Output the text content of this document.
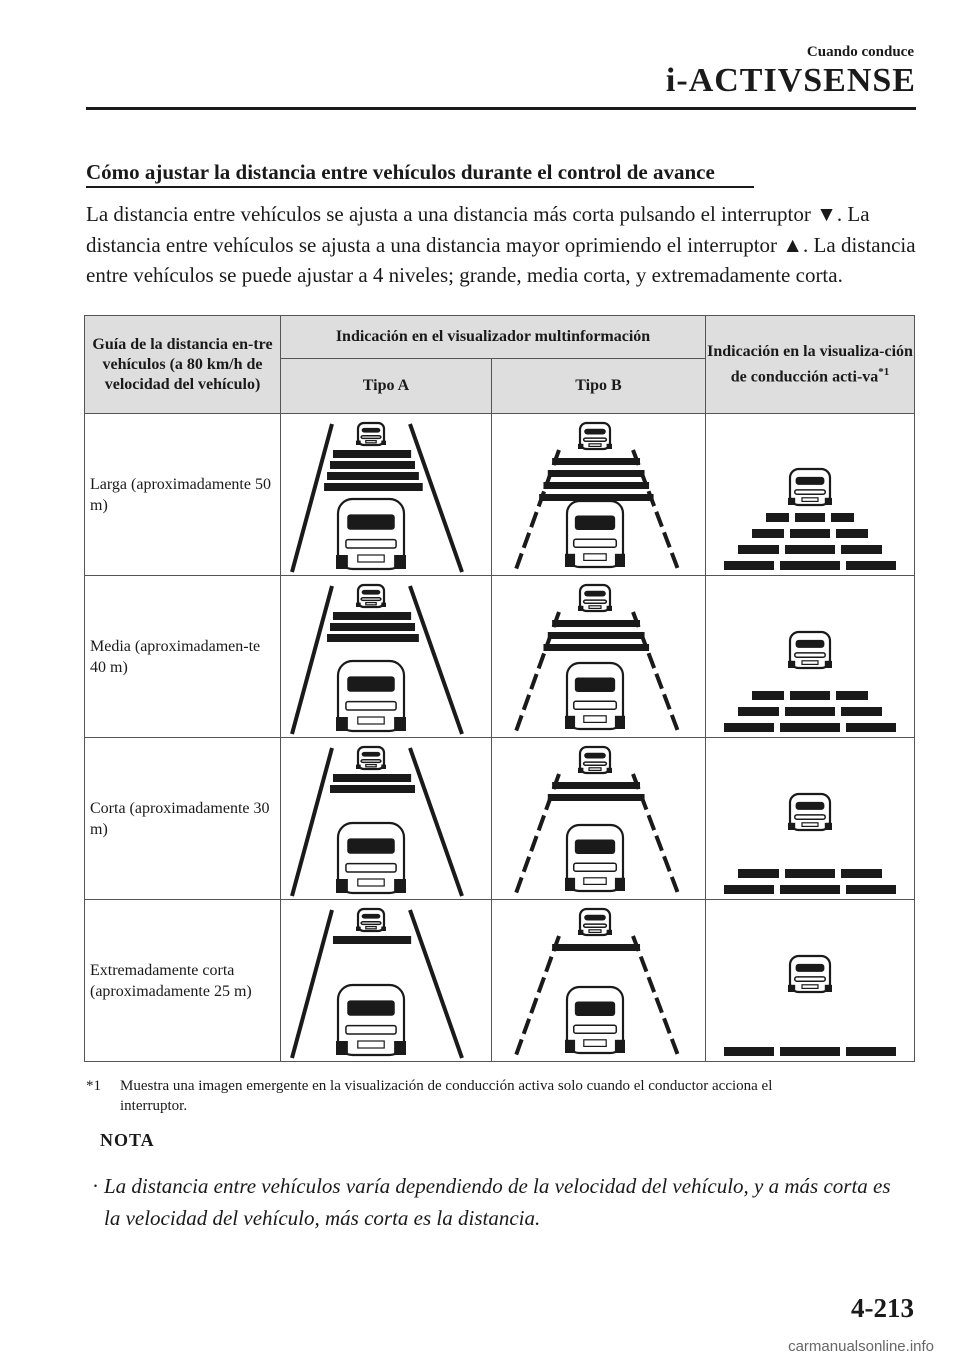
Cuando conduce
i-ACTIVSENSE
Cómo ajustar la distancia entre vehículos durante el control de avance
La distancia entre vehículos se ajusta a una distancia más corta pulsando el interruptor ▼. La distancia entre vehículos se ajusta a una distancia mayor oprimiendo el interruptor ▲. La distancia entre vehículos se puede ajustar a 4 niveles; grande, media corta, y extremadamente corta.
Guía de la distancia en-tre vehículos (a 80 km/h de velocidad del vehículo)	Indicación en el visualizador multinformación		Indicación en la visualiza-ción de conducción acti-$va^{*1}$
	Tipo A	Tipo B	

Larga (aproximadamente 50 m)

Media (aproximadamen-te 40 m)

Corta (aproximadamente 30 m)

Extremadamente corta (aproximadamente 25 m)

*1 Muestra una imagen emergente en la visualización de conducción activa solo cuando el conductor acciona el
interruptor.
NOTA
· La distancia entre vehículos varía dependiendo de la velocidad del vehículo, y a más corta es la velocidad del vehículo, más corta es la distancia.
4-213
carmanualsonline.info
